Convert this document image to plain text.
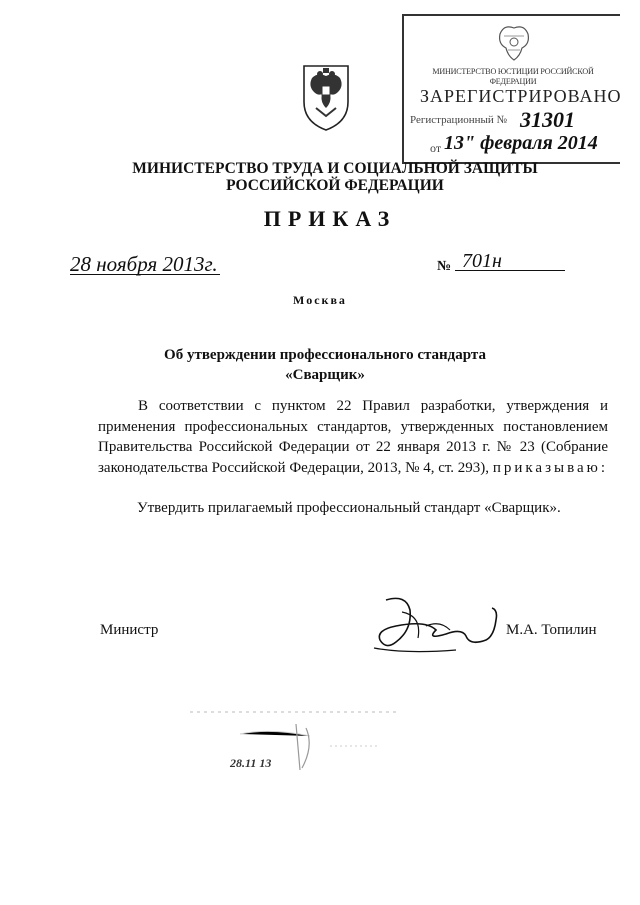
МИНИСТЕРСТВО ЮСТИЦИИ РОССИЙСКОЙ ФЕДЕРАЦИИ
ЗАРЕГИСТРИРОВАНО
Регистрационный № 31301
от 13" февраля 2014
МИНИСТЕРСТВО ТРУДА И СОЦИАЛЬНОЙ ЗАЩИТЫ
РОССИЙСКОЙ ФЕДЕРАЦИИ
ПРИКАЗ
28 ноября 2013г.	№ 701н
Москва
Об утверждении профессионального стандарта
«Сварщик»
В соответствии с пунктом 22 Правил разработки, утверждения и применения профессиональных стандартов, утвержденных постановлением Правительства Российской Федерации от 22 января 2013 г. № 23 (Собрание законодательства Российской Федерации, 2013, № 4, ст. 293), приказываю:
Утвердить прилагаемый профессиональный стандарт «Сварщик».
Министр	М.А. Топилин
28.11 13
